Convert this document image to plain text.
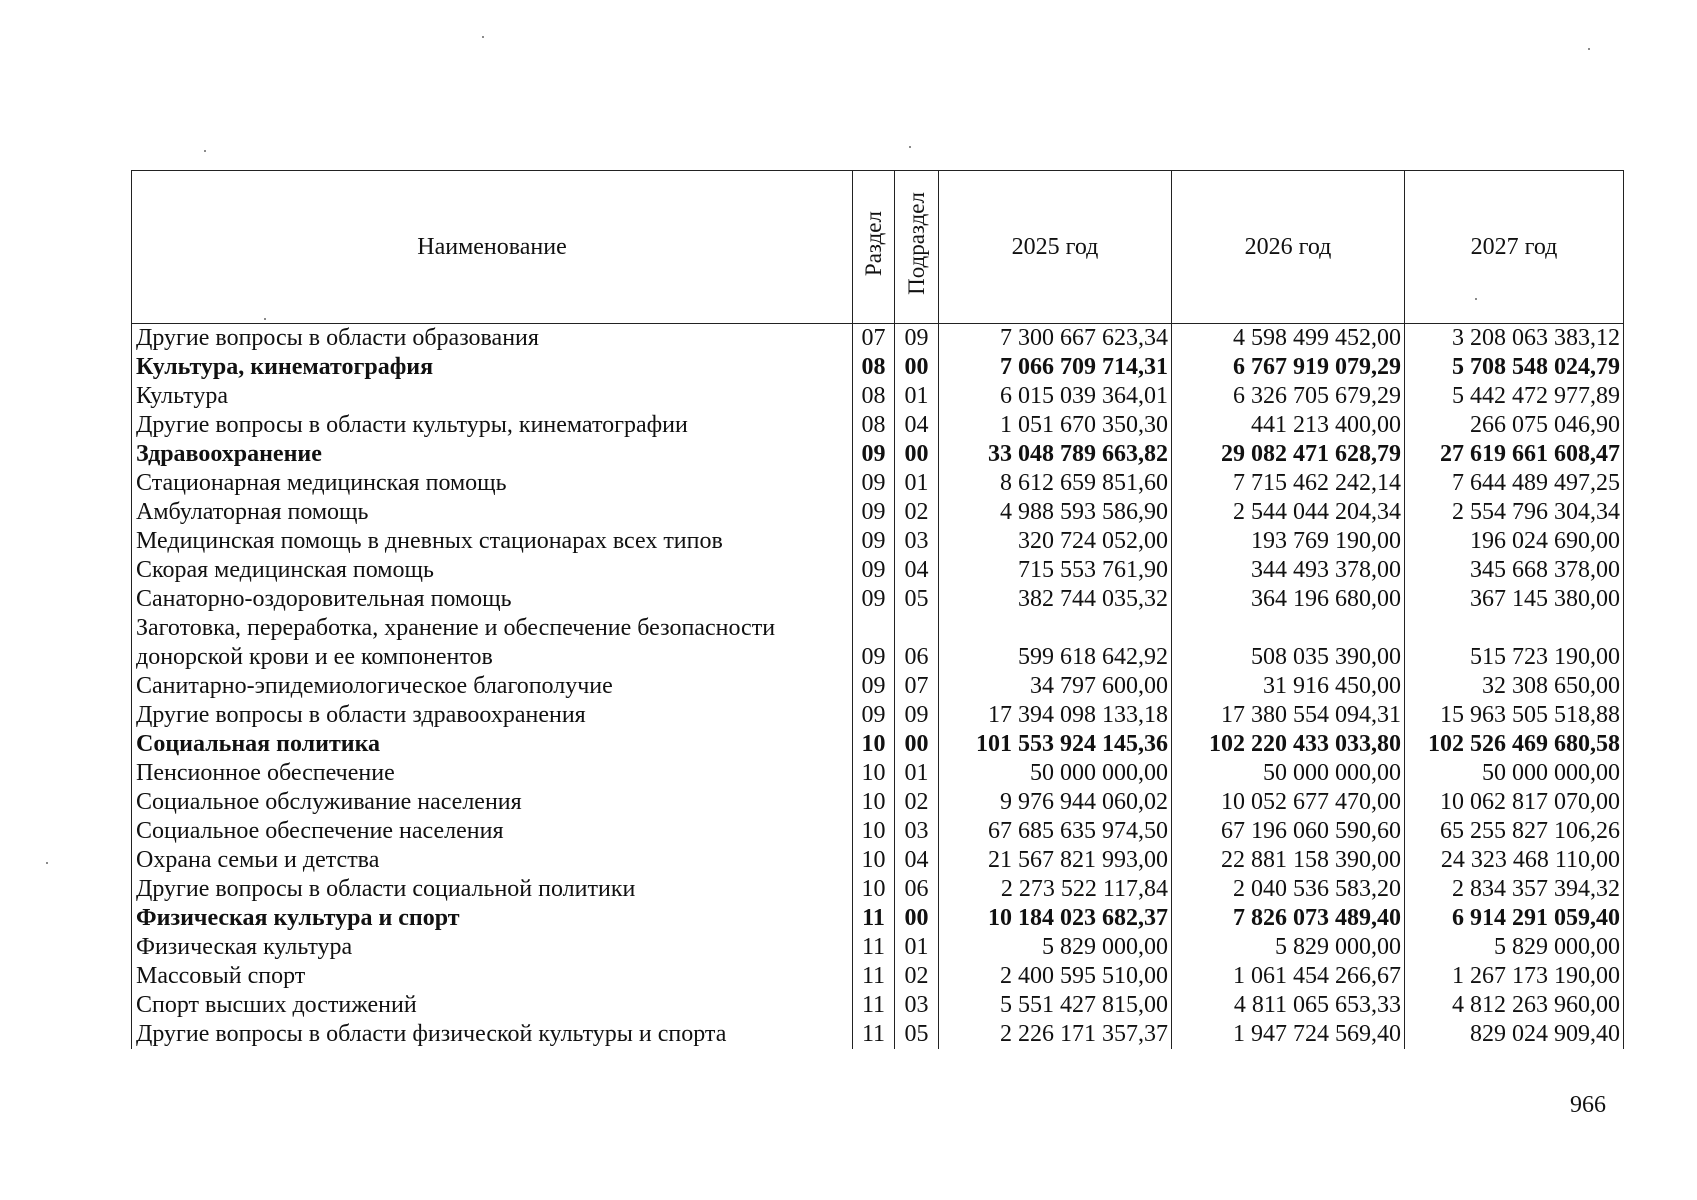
Наименование	Раздел	Подраздел	2025 год	2026 год	2027 год
Другие вопросы в области образования	07	09	7 300 667 623,34	4 598 499 452,00	3 208 063 383,12
Культура, кинематография	08	00	7 066 709 714,31	6 767 919 079,29	5 708 548 024,79
Культура	08	01	6 015 039 364,01	6 326 705 679,29	5 442 472 977,89
Другие вопросы в области культуры, кинематографии	08	04	1 051 670 350,30	441 213 400,00	266 075 046,90
Здравоохранение	09	00	33 048 789 663,82	29 082 471 628,79	27 619 661 608,47
Стационарная медицинская помощь	09	01	8 612 659 851,60	7 715 462 242,14	7 644 489 497,25
Амбулаторная помощь	09	02	4 988 593 586,90	2 544 044 204,34	2 554 796 304,34
Медицинская помощь в дневных стационарах всех типов	09	03	320 724 052,00	193 769 190,00	196 024 690,00
Скорая медицинская помощь	09	04	715 553 761,90	344 493 378,00	345 668 378,00
Санаторно-оздоровительная помощь	09	05	382 744 035,32	364 196 680,00	367 145 380,00
Заготовка, переработка, хранение и обеспечение безопасности донорской крови и ее компонентов	09	06	599 618 642,92	508 035 390,00	515 723 190,00
Санитарно-эпидемиологическое благополучие	09	07	34 797 600,00	31 916 450,00	32 308 650,00
Другие вопросы в области здравоохранения	09	09	17 394 098 133,18	17 380 554 094,31	15 963 505 518,88
Социальная политика	10	00	101 553 924 145,36	102 220 433 033,80	102 526 469 680,58
Пенсионное обеспечение	10	01	50 000 000,00	50 000 000,00	50 000 000,00
Социальное обслуживание населения	10	02	9 976 944 060,02	10 052 677 470,00	10 062 817 070,00
Социальное обеспечение населения	10	03	67 685 635 974,50	67 196 060 590,60	65 255 827 106,26
Охрана семьи и детства	10	04	21 567 821 993,00	22 881 158 390,00	24 323 468 110,00
Другие вопросы в области социальной политики	10	06	2 273 522 117,84	2 040 536 583,20	2 834 357 394,32
Физическая культура и спорт	11	00	10 184 023 682,37	7 826 073 489,40	6 914 291 059,40
Физическая культура	11	01	5 829 000,00	5 829 000,00	5 829 000,00
Массовый спорт	11	02	2 400 595 510,00	1 061 454 266,67	1 267 173 190,00
Спорт высших достижений	11	03	5 551 427 815,00	4 811 065 653,33	4 812 263 960,00
Другие вопросы в области физической культуры и спорта	11	05	2 226 171 357,37	1 947 724 569,40	829 024 909,40
966
